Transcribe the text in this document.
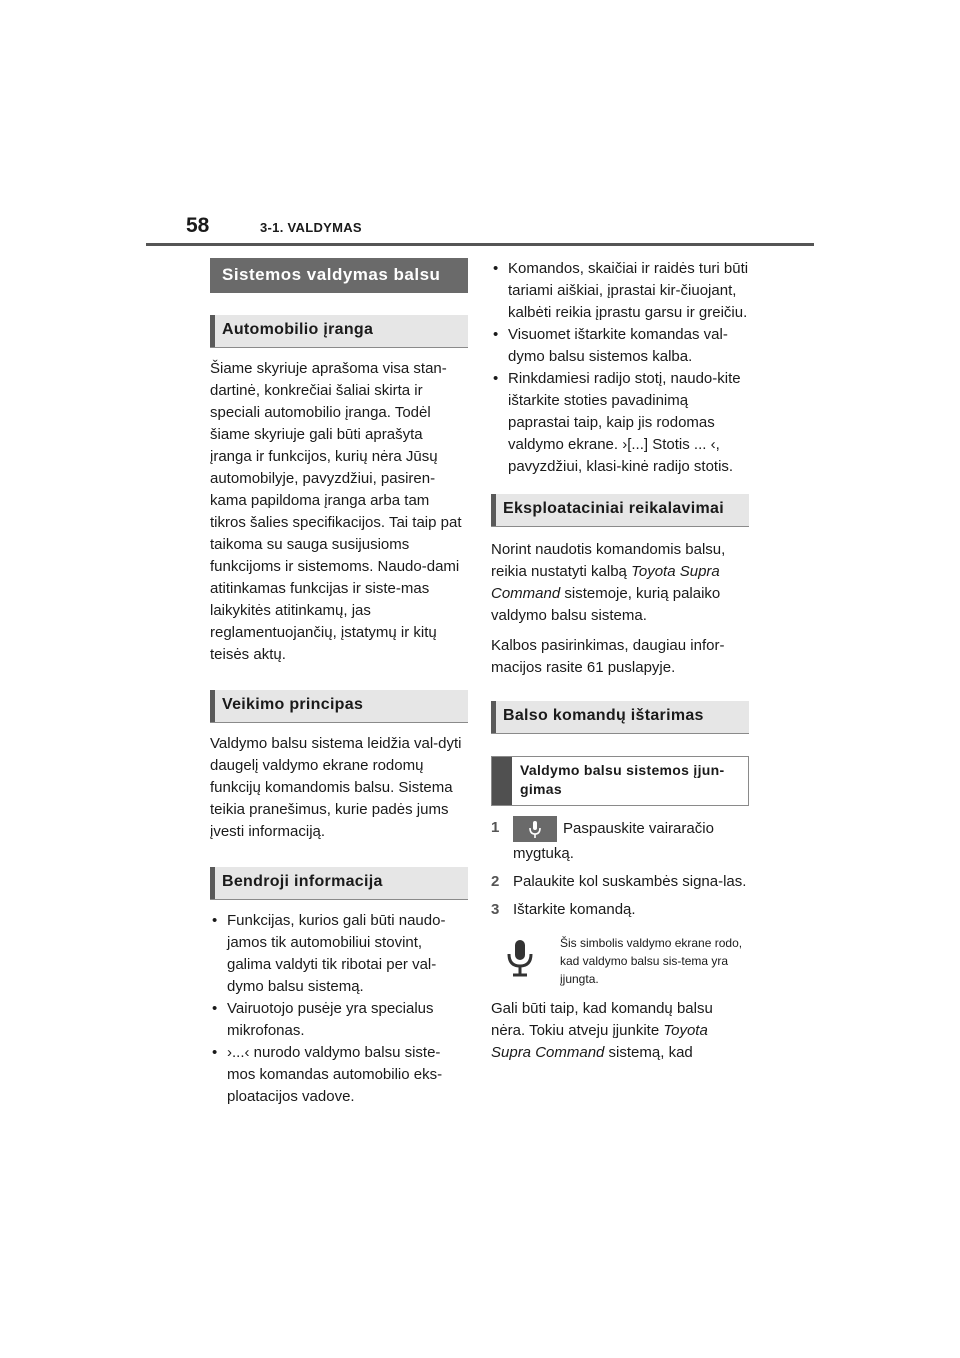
58	3-1. VALDYMAS
Sistemos valdymas balsu
Automobilio įranga

Šiame skyriuje aprašoma visa stan-dartinė, konkrečiai šaliai skirta ir speciali automobilio įranga. Todėl šiame skyriuje gali būti aprašyta įranga ir funkcijos, kurių nėra Jūsų automobilyje, pavyzdžiui, pasiren-kama papildoma įranga arba tam tikros šalies specifikacijos. Tai taip pat taikoma su sauga susijusioms funkcijoms ir sistemoms. Naudo-dami atitinkamas funkcijas ir siste-mas laikykitės atitinkamų, jas reglamentuojančių, įstatymų ir kitų teisės aktų.

Veikimo principas

Valdymo balsu sistema leidžia val-dyti daugelį valdymo ekrane rodomų funkcijų komandomis balsu. Sistema teikia pranešimus, kurie padės jums įvesti informaciją.

Bendroji informacija
• Funkcijas, kurios gali būti naudo-jamos tik automobiliui stovint, galima valdyti tik ribotai per val-dymo balsu sistemą.
• Vairuotojo pusėje yra specialus mikrofonas.
• ›...‹ nurodo valdymo balsu siste-mos komandas automobilio eks-ploatacijos vadove.
• Komandos, skaičiai ir raidės turi būti tariami aiškiai, įprastai kir-čiuojant, kalbėti reikia įprastu garsu ir greičiu.
• Visuomet ištarkite komandas val-dymo balsu sistemos kalba.
• Rinkdamiesi radijo stotį, naudo-kite ištarkite stoties pavadinimą paprastai taip, kaip jis rodomas valdymo ekrane. ›[...] Stotis ... ‹, pavyzdžiui, klasi-kinė radijo stotis.
Eksploataciniai reikalavimai

Norint naudotis komandomis balsu, reikia nustatyti kalbą Toyota Supra Command sistemoje, kurią palaiko valdymo balsu sistema.

Kalbos pasirinkimas, daugiau infor-macijos rasite 61 puslapyje.

Balso komandų ištarimas
Valdymo balsu sistemos įjun-gimas
1	Paspauskite vairaračio mygtuką.
2 Palaukite kol suskambės signa-las.
3 Ištarkite komandą.
Šis simbolis valdymo ekrane rodo, kad valdymo balsu sis-tema yra įjungta.

Gali būti taip, kad komandų balsu nėra. Tokiu atveju įjunkite Toyota Supra Command sistemą, kad
